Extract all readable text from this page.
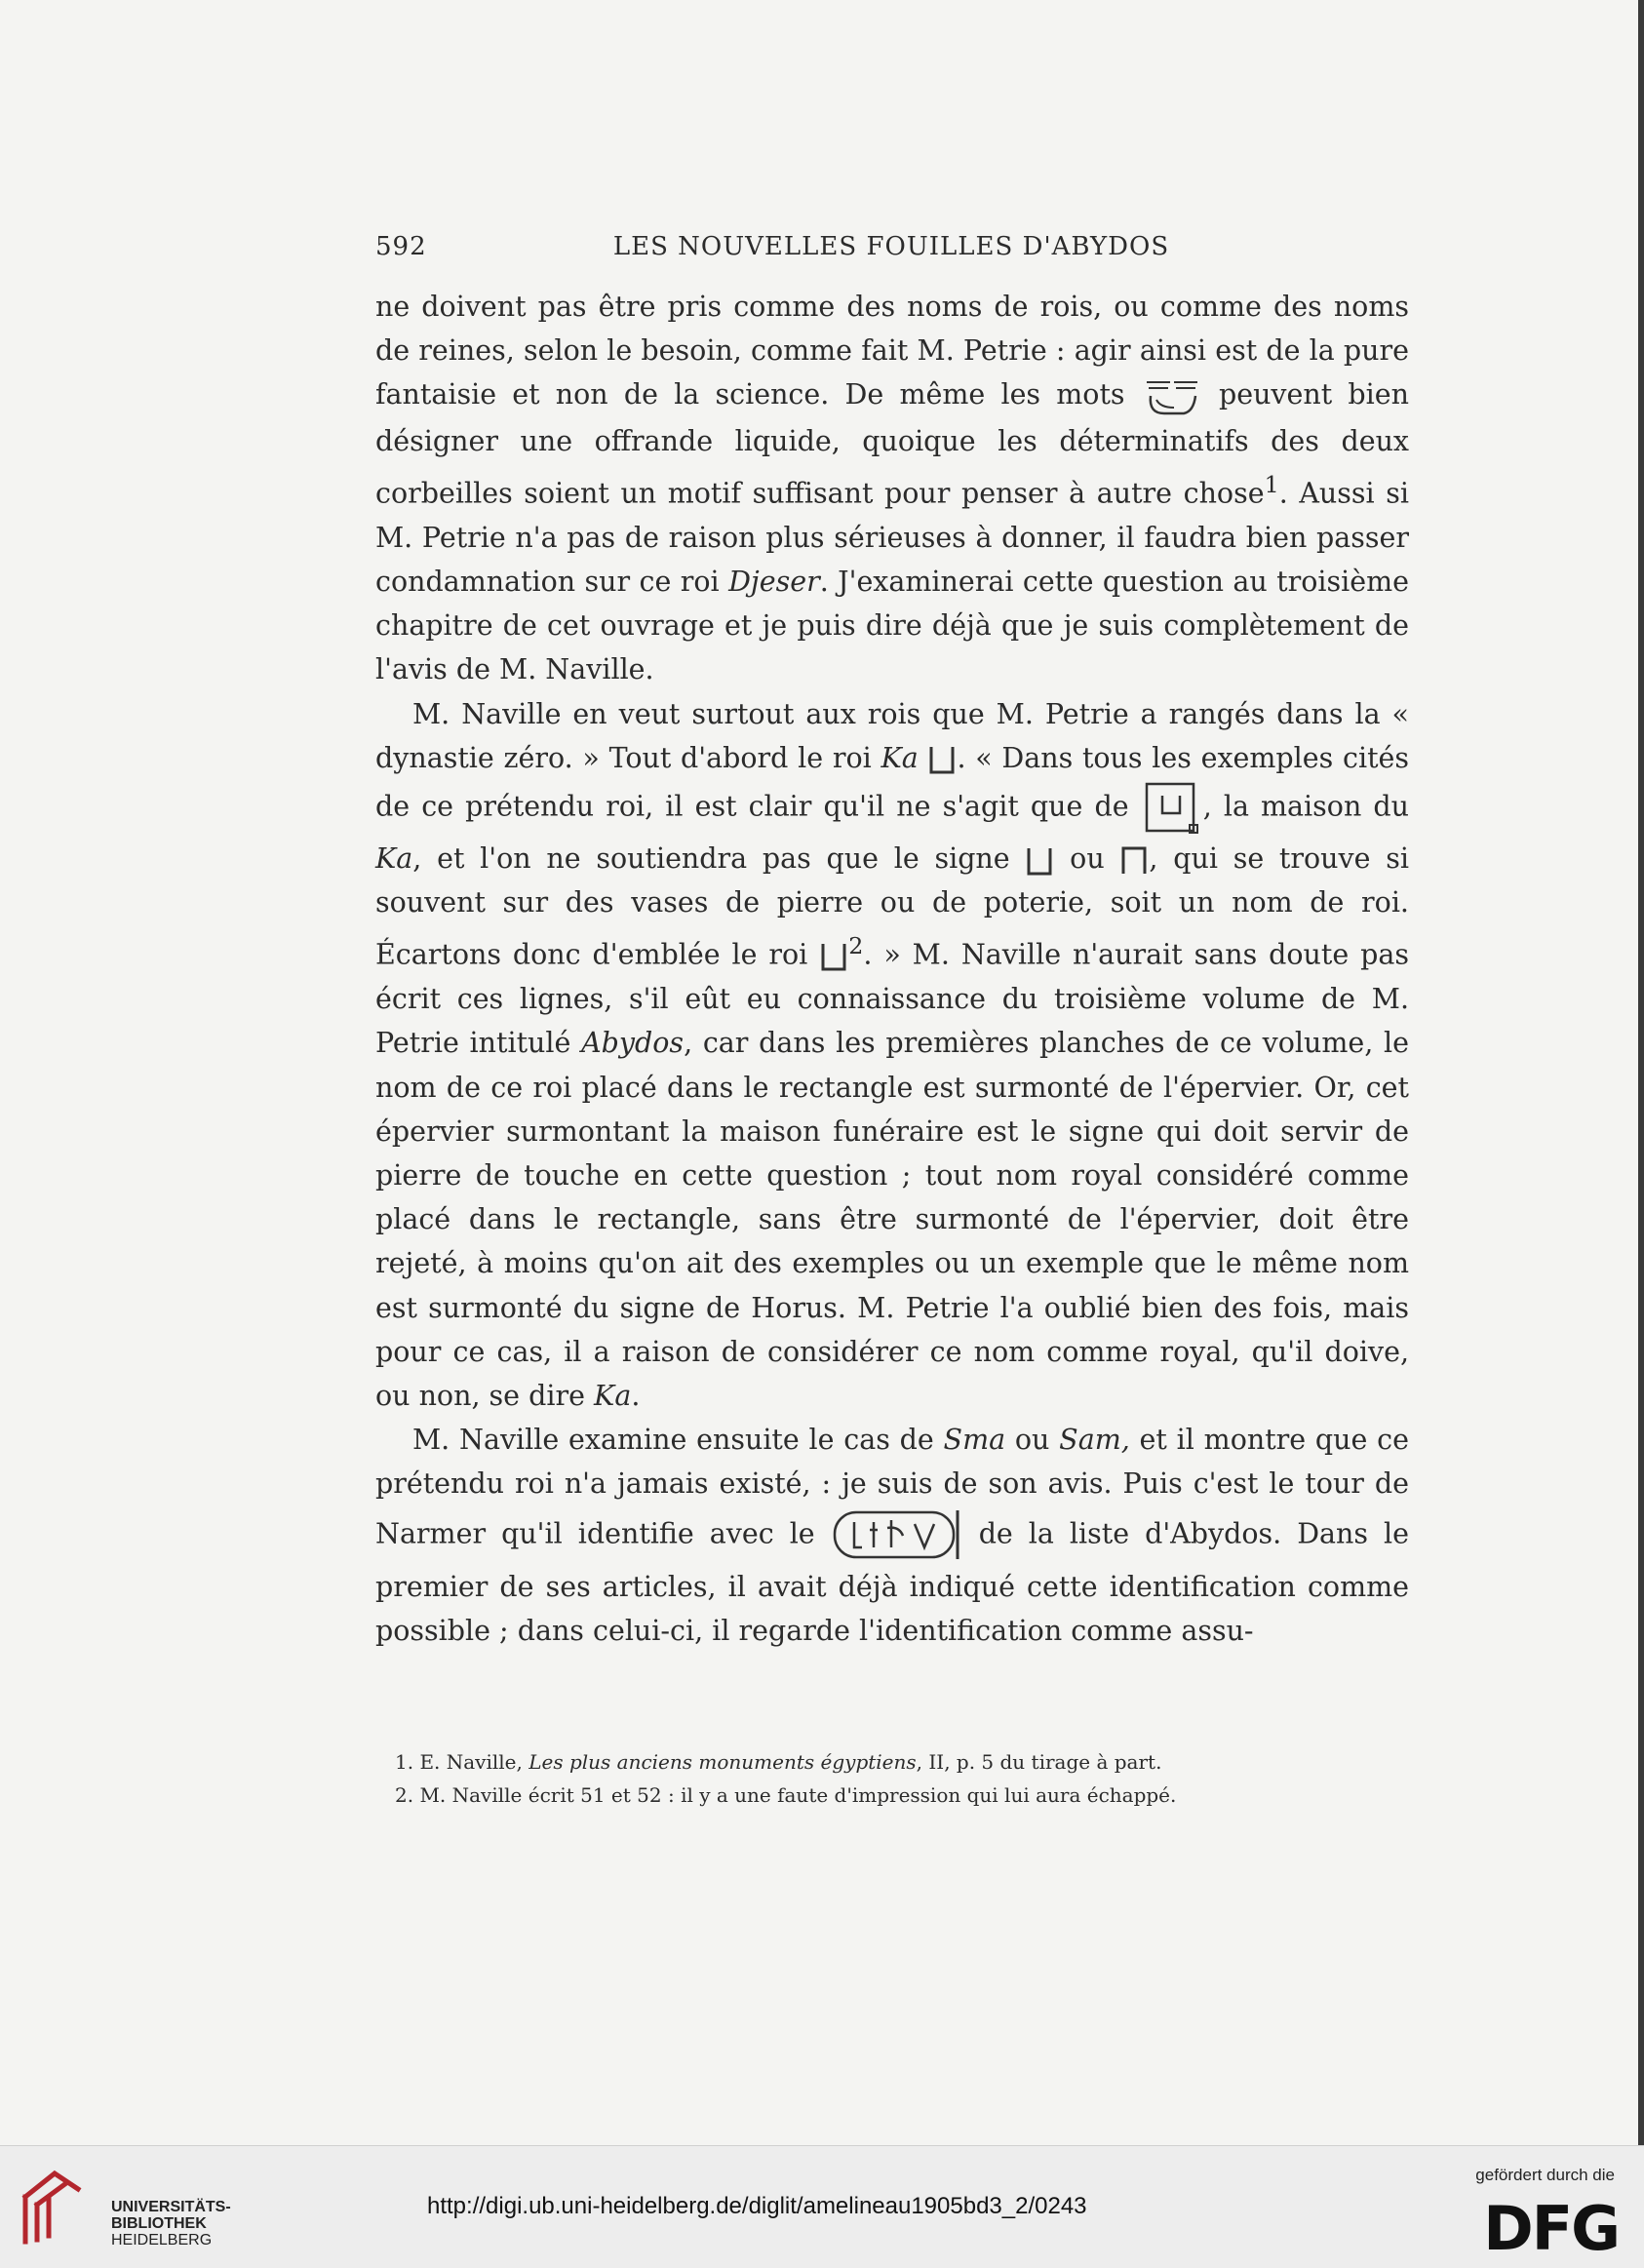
592	LES NOUVELLES FOUILLES D'ABYDOS

ne doivent pas être pris comme des noms de rois, ou comme des noms de reines, selon le besoin, comme fait M. Petrie : agir ainsi est de la pure fantaisie et non de la science. De même les mots  peuvent bien désigner une offrande liquide, quoique les déterminatifs des deux corbeilles soient un motif suffisant pour penser à autre chose$^1$. Aussi si M. Petrie n'a pas de raison plus sérieuses à donner, il faudra bien passer condamnation sur ce roi Djeser. J'examinerai cette question au troisième chapitre de cet ouvrage et je puis dire déjà que je suis complètement de l'avis de M. Naville.

M. Naville en veut surtout aux rois que M. Petrie a rangés dans la « dynastie zéro. » Tout d'abord le roi Ka . « Dans tous les exemples cités de ce prétendu roi, il est clair qu'il ne s'agit que de , la maison du Ka, et l'on ne soutiendra pas que le signe  ou , qui se trouve si souvent sur des vases de pierre ou de poterie, soit un nom de roi. Écartons donc d'emblée le roi $^2$. » M. Naville n'aurait sans doute pas écrit ces lignes, s'il eût eu connaissance du troisième volume de M. Petrie intitulé Abydos, car dans les premières planches de ce volume, le nom de ce roi placé dans le rectangle est surmonté de l'épervier. Or, cet épervier surmontant la maison funéraire est le signe qui doit servir de pierre de touche en cette question ; tout nom royal considéré comme placé dans le rectangle, sans être surmonté de l'épervier, doit être rejeté, à moins qu'on ait des exemples ou un exemple que le même nom est surmonté du signe de Horus. M. Petrie l'a oublié bien des fois, mais pour ce cas, il a raison de considérer ce nom comme royal, qu'il doive, ou non, se dire Ka.

M. Naville examine ensuite le cas de Sma ou Sam, et il montre que ce prétendu roi n'a jamais existé, : je suis de son avis. Puis c'est le tour de Narmer qu'il identifie avec le	de la liste d'Abydos. Dans le premier de ses articles, il avait déjà indiqué cette identification comme possible ; dans celui-ci, il regarde l'identification comme assu-

1. E. Naville, Les plus anciens monuments égyptiens, II, p. 5 du tirage à part.

2. M. Naville écrit 51 et 52 : il y a une faute d'impression qui lui aura échappé.

UNIVERSITÄTS-
BIBLIOTHEK
HEIDELBERG
http://digi.ub.uni-heidelberg.de/diglit/amelineau1905bd3_2/0243
gefördert durch die
DFG
